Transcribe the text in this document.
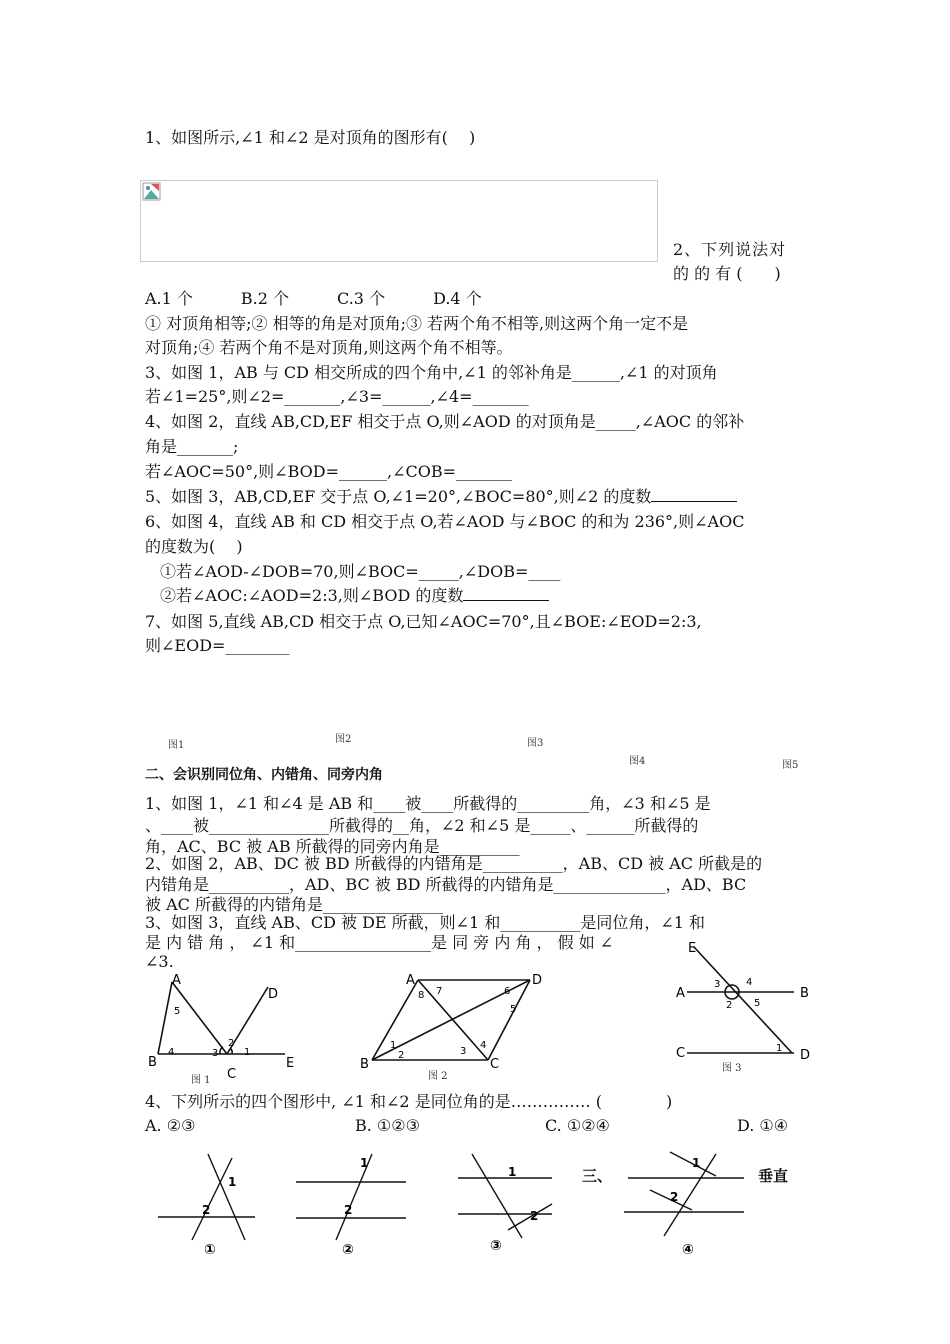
1、如图所示,∠1 和∠2 是对顶角的图形有(　 )
2、下列说法对
的 的 有 (　　)
A.1 个	B.2 个	C.3 个	D.4 个
① 对顶角相等;② 相等的角是对顶角;③ 若两个角不相等,则这两个角一定不是
对顶角;④ 若两个角不是对顶角,则这两个角不相等。
3、如图 1，AB 与 CD 相交所成的四个角中,∠1 的邻补角是______,∠1 的对顶角
若∠1=25°,则∠2=_______,∠3=______,∠4=_______
4、如图 2，直线 AB,CD,EF 相交于点 O,则∠AOD 的对顶角是_____,∠AOC 的邻补
角是_______;
若∠AOC=50°,则∠BOD=______,∠COB=_______
5、如图 3，AB,CD,EF 交于点 O,∠1=20°,∠BOC=80°,则∠2 的度数
6、如图 4，直线 AB 和 CD 相交于点 O,若∠AOD 与∠BOC 的和为 236°,则∠AOC
的度数为(　 )
①若∠AOD-∠DOB=70,则∠BOC=_____,∠DOB=____
②若∠AOC:∠AOD=2:3,则∠BOD 的度数
7、如图 5,直线 AB,CD 相交于点 O,已知∠AOC=70°,且∠BOE:∠EOD=2:3,
则∠EOD=________
图1
图2	图3
图4	图5
二、会识别同位角、内错角、同旁内角
1、如图 1，∠1 和∠4 是 AB 和____被____所截得的_________角，∠3 和∠5 是
、____被_______________所截得的__角，∠2 和∠5 是_____、______所截得的
角，AC、BC 被 AB 所截得的同旁内角是__________
2、如图 2，AB、DC 被 BD 所截得的内错角是__________，AB、CD 被 AC 所截是的
内错角是__________，AD、BC 被 BD 所截得的内错角是______________，AD、BC
被 AC 所截得的内错角是_______________
3、如图 3，直线 AB、CD 被 DE 所截，则∠1 和__________是同位角，∠1 和
是 内 错 角 ， ∠1 和_________________是 同 旁 内 角 ， 假 如 ∠
∠3.
A
B
C
D
E
5
4	3
2
1
图 1
A
B	C
D
8 7	6
5
1
2	3
4
图 2
E
A	B
C	D
3	4
2 5
1
图 3
4、下列所示的四个图形中, ∠1 和∠2 是同位角的是…………… (　　　　)
A. ②③	B. ①②③	C. ①②④	D. ①④
1
2
①
1
2
②
1
2
③
1
2
④
三、	垂直
